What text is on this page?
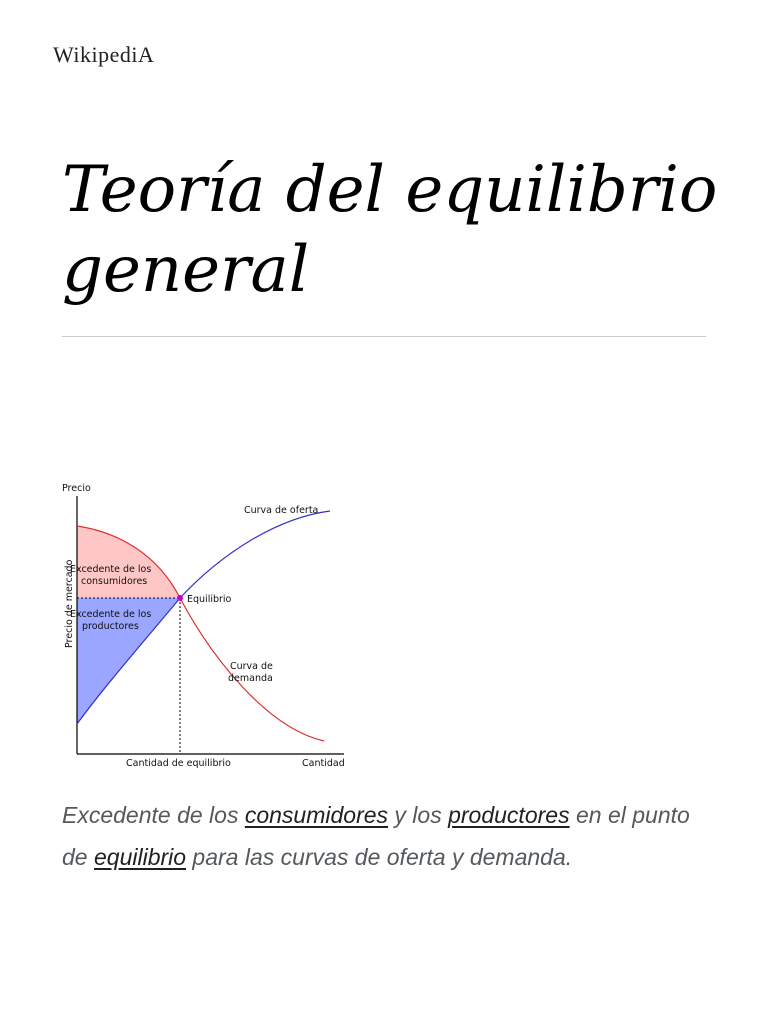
WikipediA
Teoría del equilibrio general
Precio
Precio de mercado
Curva de oferta
Equilibrio
Curva de
demanda
Excedente de los
consumidores
Excedente de los
productores
Cantidad de equilibrio	Cantidad

Excedente de los consumidores y los productores en el punto de equilibrio para las curvas de oferta y demanda.
